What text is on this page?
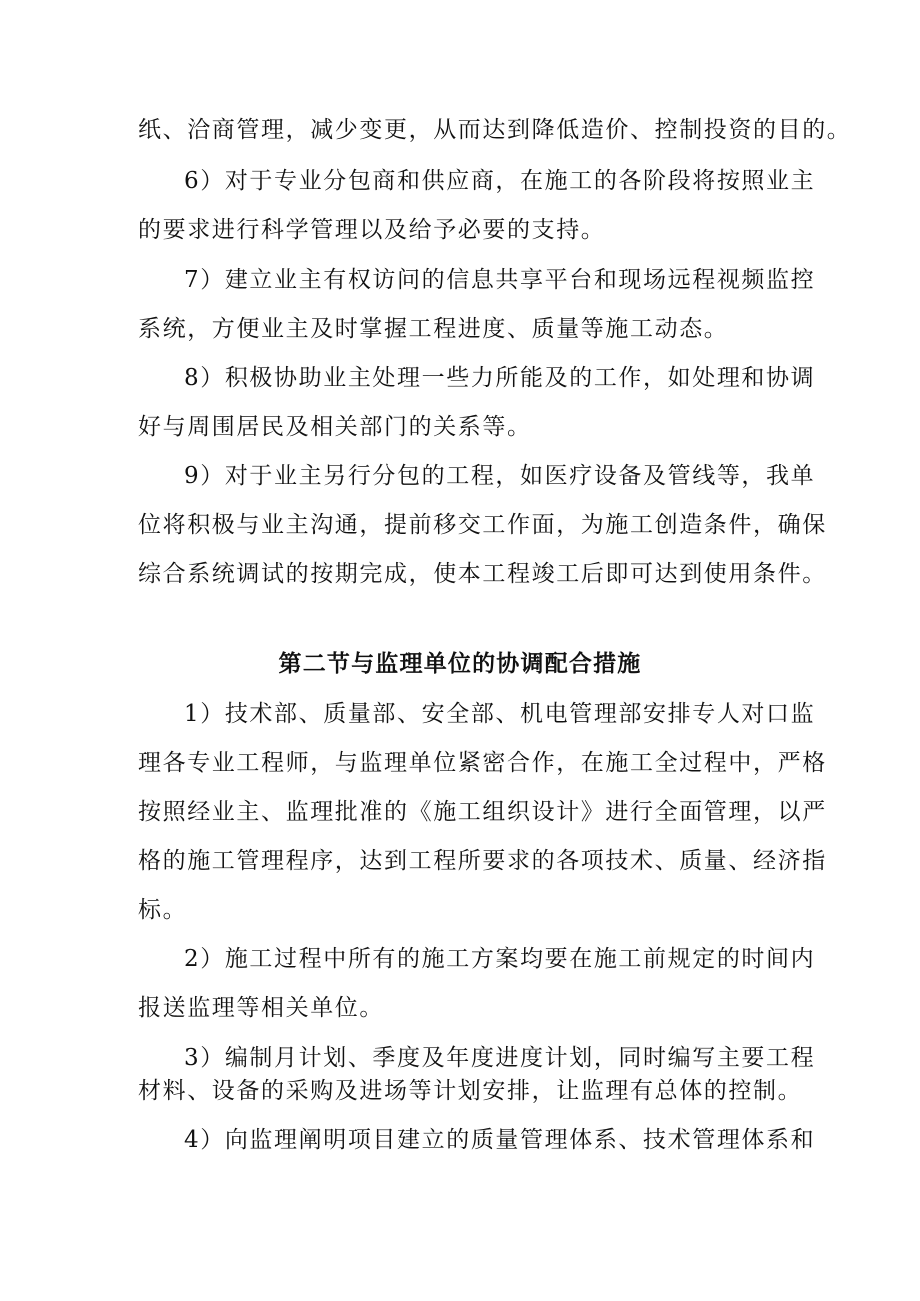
纸、洽商管理，减少变更，从而达到降低造价、控制投资的目的。
6）对于专业分包商和供应商，在施工的各阶段将按照业主
的要求进行科学管理以及给予必要的支持。
7）建立业主有权访问的信息共享平台和现场远程视频监控
系统，方便业主及时掌握工程进度、质量等施工动态。
8）积极协助业主处理一些力所能及的工作，如处理和协调
好与周围居民及相关部门的关系等。
9）对于业主另行分包的工程，如医疗设备及管线等，我单
位将积极与业主沟通，提前移交工作面，为施工创造条件，确保
综合系统调试的按期完成，使本工程竣工后即可达到使用条件。
第二节与监理单位的协调配合措施
1）技术部、质量部、安全部、机电管理部安排专人对口监
理各专业工程师，与监理单位紧密合作，在施工全过程中，严格
按照经业主、监理批准的《施工组织设计》进行全面管理，以严
格的施工管理程序，达到工程所要求的各项技术、质量、经济指
标。
2）施工过程中所有的施工方案均要在施工前规定的时间内
报送监理等相关单位。
3）编制月计划、季度及年度进度计划，同时编写主要工程
材料、设备的采购及进场等计划安排，让监理有总体的控制。
4）向监理阐明项目建立的质量管理体系、技术管理体系和
